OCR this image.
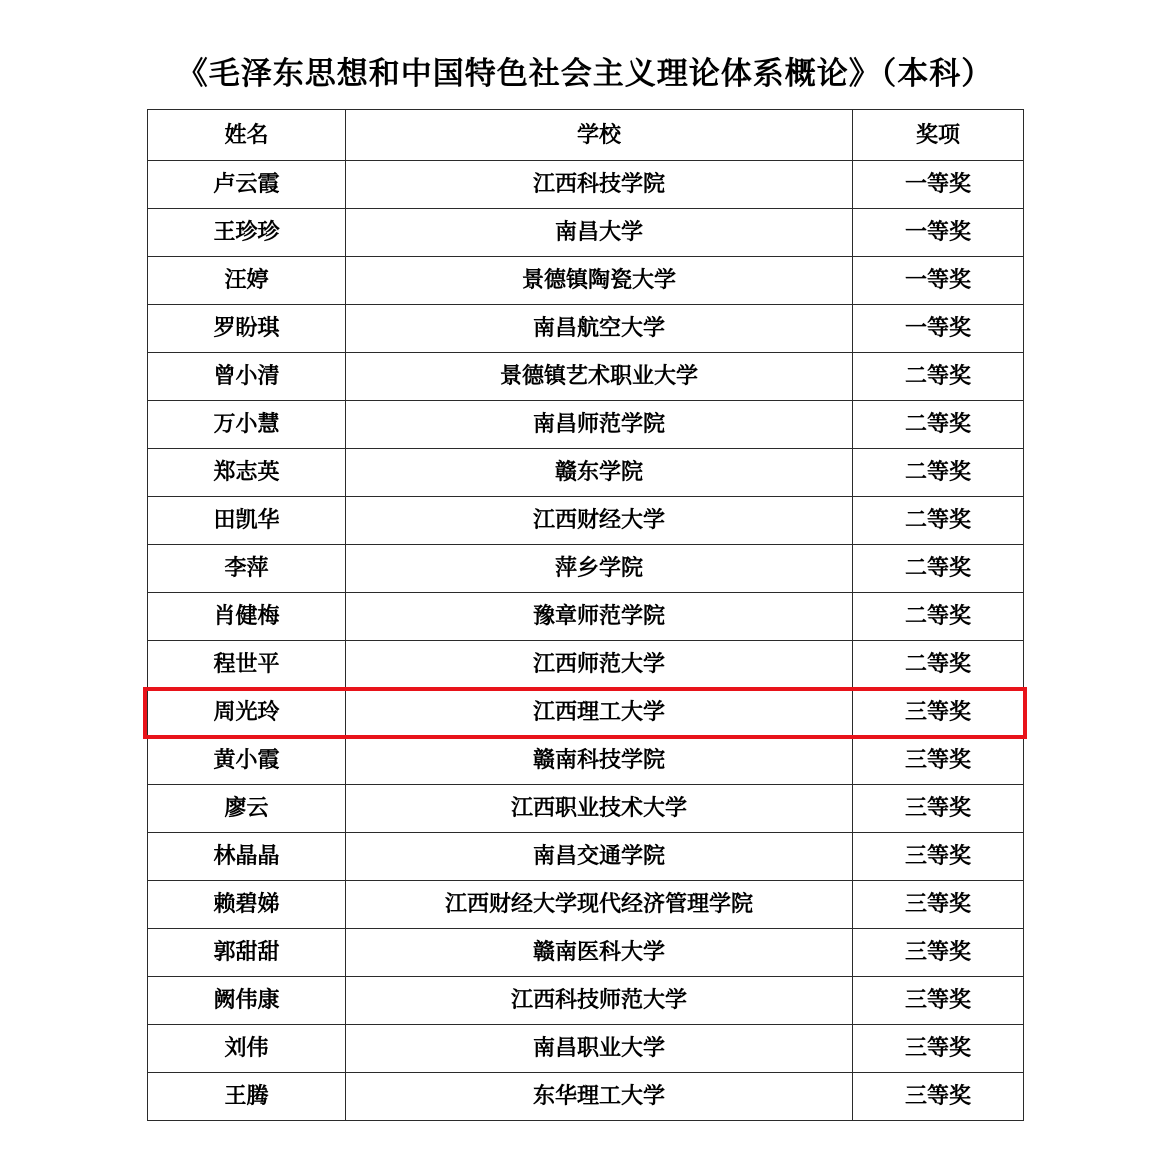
《毛泽东思想和中国特色社会主义理论体系概论》（本科）
姓名	学校	奖项
卢云霞	江西科技学院	一等奖
王珍珍	南昌大学	一等奖
汪婷	景德镇陶瓷大学	一等奖
罗盼琪	南昌航空大学	一等奖
曾小清	景德镇艺术职业大学	二等奖
万小慧	南昌师范学院	二等奖
郑志英	赣东学院	二等奖
田凯华	江西财经大学	二等奖
李萍	萍乡学院	二等奖
肖健梅	豫章师范学院	二等奖
程世平	江西师范大学	二等奖
周光玲	江西理工大学	三等奖
黄小霞	赣南科技学院	三等奖
廖云	江西职业技术大学	三等奖
林晶晶	南昌交通学院	三等奖
赖碧娣	江西财经大学现代经济管理学院	三等奖
郭甜甜	赣南医科大学	三等奖
阙伟康	江西科技师范大学	三等奖
刘伟	南昌职业大学	三等奖
王腾	东华理工大学	三等奖
